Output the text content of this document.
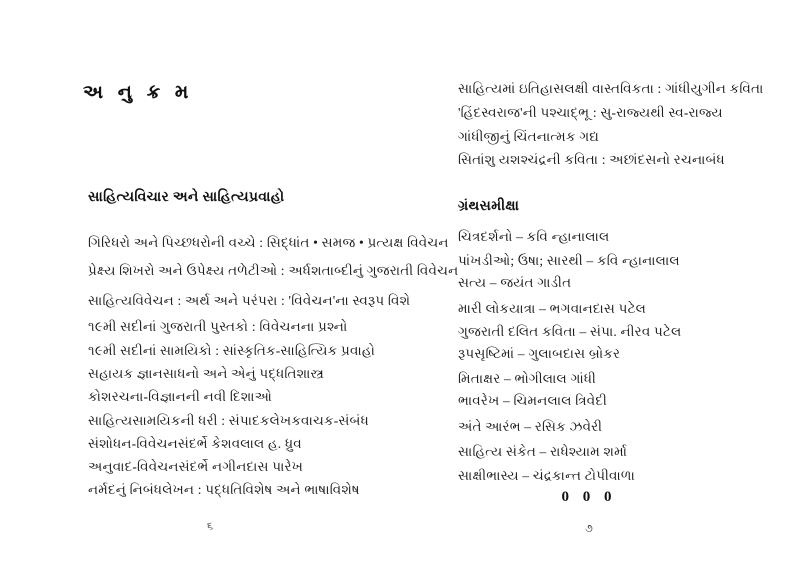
અ નુ ક્ર મ
સાહિત્યવિચાર અને સાહિત્યપ્રવાહો
ગિરિધરો અને પિચ્છધરોની વચ્ચે : સિદ્ધાંત • સમજ • પ્રત્યક્ષ વિવેચન
પ્રેક્ષ્ય શિખરો અને ઉપેક્ષ્ય તળેટીઓ : અર્ધશતાબ્દીનું ગુજરાતી વિવેચન
સાહિત્યવિવેચન : અર્થ અને પરંપરા : 'વિવેચન'ના સ્વરૂપ વિશે
૧૯મી સદીનાં ગુજરાતી પુસ્તકો : વિવેચનના પ્રશ્નો
૧૯મી સદીનાં સામયિકો : સાંસ્કૃતિક-સાહિત્યિક પ્રવાહો
સહાયક જ્ઞાનસાધનો અને એનું પદ્ધતિશાસ્ત્ર
કોશરચના-વિજ્ઞાનની નવી દિશાઓ
સાહિત્યસામયિકની ધરી : સંપાદકલેખકવાચક-સંબંધ
સંશોધન-વિવેચનસંદર્ભે કેશવલાલ હ. ધ્રુવ
અનુવાદ-વિવેચનસંદર્ભે નગીનદાસ પારેખ
નર્મદનું નિબંધલેખન : પદ્ધતિવિશેષ અને ભાષાવિશેષ
૬
સાહિત્યમાં ઇતિહાસલક્ષી વાસ્તવિકતા : ગાંધીયુગીન કવિતા
'હિંદસ્વરાજ'ની પશ્ચાદ્ભૂ : સુ-રાજ્યથી સ્વ-રાજ્ય
ગાંધીજીનું ચિંતનાત્મક ગદ્ય
સિતાંશુ યશશ્ચંદ્રની કવિતા : અછાંદસનો રચનાબંધ
ગ્રંથસમીક્ષા
ચિત્રદર્શનો – કવિ ન્હાનાલાલ
પાંખડીઓ; ઉષા; સારથી – કવિ ન્હાનાલાલ
સત્ય – જયંત ગાડીત
મારી લોકયાત્રા – ભગવાનદાસ પટેલ
ગુજરાતી દલિત કવિતા – સંપા. નીરવ પટેલ
રૂપસૃષ્ટિમાં – ગુલાબદાસ બ્રોકર
મિતાક્ષર – ભોગીલાલ ગાંધી
ભાવરેખ – ચિમનલાલ ત્રિવેદી
અંતે આરંભ – રસિક ઝવેરી
સાહિત્ય સંકેત – રાધેશ્યામ શર્મા
સાક્ષીભાસ્ય – ચંદ્રકાન્ત ટોપીવાળા
0 0 0
૭
